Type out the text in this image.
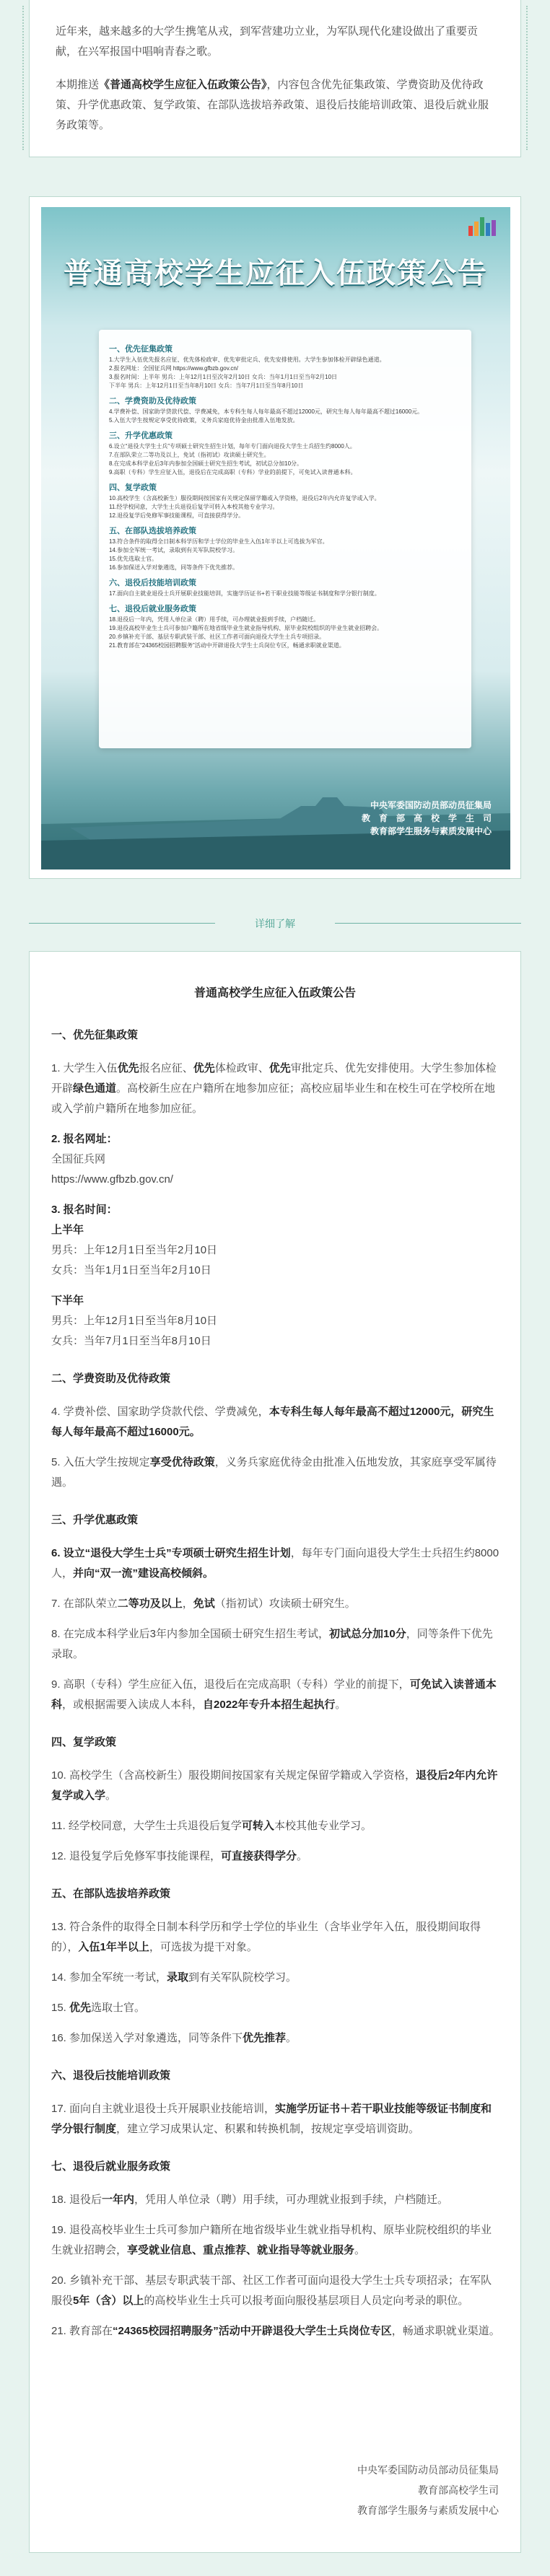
近年来，越来越多的大学生携笔从戎，到军营建功立业，为军队现代化建设做出了重要贡献，在兴军报国中唱响青春之歌。

本期推送《普通高校学生应征入伍政策公告》，内容包含优先征集政策、学费资助及优待政策、升学优惠政策、复学政策、在部队选拔培养政策、退役后技能培训政策、退役后就业服务政策等。

普通高校学生应征入伍政策公告
一、优先征集政策

1.大学生入伍优先报名应征、优先体检政审、优先审批定兵、优先安排使用。大学生参加体检开辟绿色通道。

2.报名网址：全国征兵网 https://www.gfbzb.gov.cn/

3.报名时间：上半年 男兵：上年12月1日至次年2月10日 女兵：当年1月1日至当年2月10日

下半年 男兵：上年12月1日至当年8月10日 女兵：当年7月1日至当年8月10日

二、学费资助及优待政策

4.学费补偿、国家助学贷款代偿、学费减免，本专科生每人每年最高不超过12000元，研究生每人每年最高不超过16000元。

5.入伍大学生按规定享受优待政策，义务兵家庭优待金由批准入伍地发放。

三、升学优惠政策

6.设立“退役大学生士兵”专项硕士研究生招生计划，每年专门面向退役大学生士兵招生约8000人。

7.在部队荣立二等功及以上，免试（指初试）攻读硕士研究生。

8.在完成本科学业后3年内参加全国硕士研究生招生考试，初试总分加10分。

9.高职（专科）学生应征入伍，退役后在完成高职（专科）学业的前提下，可免试入读普通本科。

四、复学政策

10.高校学生（含高校新生）服役期间按国家有关规定保留学籍或入学资格，退役后2年内允许复学或入学。

11.经学校同意，大学生士兵退役后复学可转入本校其他专业学习。

12.退役复学后免修军事技能课程，可直接获得学分。

五、在部队选拔培养政策

13.符合条件的取得全日制本科学历和学士学位的毕业生入伍1年半以上可选拔为军官。

14.参加全军统一考试，录取到有关军队院校学习。

15.优先选取士官。

16.参加保送入学对象遴选，同等条件下优先推荐。

六、退役后技能培训政策

17.面向自主就业退役士兵开展职业技能培训，实施学历证书+若干职业技能等级证书制度和学分银行制度。

七、退役后就业服务政策

18.退役后一年内，凭用人单位录（聘）用手续，可办理就业报到手续，户档随迁。

19.退役高校毕业生士兵可参加户籍所在地省级毕业生就业指导机构、原毕业院校组织的毕业生就业招聘会。

20.乡镇补充干部、基层专职武装干部、社区工作者可面向退役大学生士兵专项招录。

21.教育部在“24365校园招聘服务”活动中开辟退役大学生士兵岗位专区，畅通求职就业渠道。

中央军委国防动员部动员征集局
教　育　部　高　校　学　生　司
教育部学生服务与素质发展中心
详细了解
普通高校学生应征入伍政策公告

一、优先征集政策

1. 大学生入伍优先报名应征、优先体检政审、优先审批定兵、优先安排使用。大学生参加体检开辟绿色通道。高校新生应在户籍所在地参加应征；高校应届毕业生和在校生可在学校所在地或入学前户籍所在地参加应征。

2. 报名网址：

全国征兵网

https://www.gfbzb.gov.cn/

3. 报名时间：

上半年

男兵：上年12月1日至当年2月10日

女兵：当年1月1日至当年2月10日

下半年

男兵：上年12月1日至当年8月10日

女兵：当年7月1日至当年8月10日

二、学费资助及优待政策

4. 学费补偿、国家助学贷款代偿、学费减免，本专科生每人每年最高不超过12000元，研究生每人每年最高不超过16000元。

5. 入伍大学生按规定享受优待政策，义务兵家庭优待金由批准入伍地发放，其家庭享受军属待遇。

三、升学优惠政策

6. 设立“退役大学生士兵”专项硕士研究生招生计划，每年专门面向退役大学生士兵招生约8000人，并向“双一流”建设高校倾斜。

7. 在部队荣立二等功及以上，免试（指初试）攻读硕士研究生。

8. 在完成本科学业后3年内参加全国硕士研究生招生考试，初试总分加10分，同等条件下优先录取。

9. 高职（专科）学生应征入伍，退役后在完成高职（专科）学业的前提下，可免试入读普通本科，或根据需要入读成人本科，自2022年专升本招生起执行。

四、复学政策

10. 高校学生（含高校新生）服役期间按国家有关规定保留学籍或入学资格，退役后2年内允许复学或入学。

11. 经学校同意，大学生士兵退役后复学可转入本校其他专业学习。

12. 退役复学后免修军事技能课程，可直接获得学分。

五、在部队选拔培养政策

13. 符合条件的取得全日制本科学历和学士学位的毕业生（含毕业学年入伍，服役期间取得的），入伍1年半以上，可选拔为提干对象。

14. 参加全军统一考试，录取到有关军队院校学习。

15. 优先选取士官。

16. 参加保送入学对象遴选，同等条件下优先推荐。

六、退役后技能培训政策

17. 面向自主就业退役士兵开展职业技能培训，实施学历证书＋若干职业技能等级证书制度和学分银行制度，建立学习成果认定、积累和转换机制，按规定享受培训资助。

七、退役后就业服务政策

18. 退役后一年内，凭用人单位录（聘）用手续，可办理就业报到手续，户档随迁。

19. 退役高校毕业生士兵可参加户籍所在地省级毕业生就业指导机构、原毕业院校组织的毕业生就业招聘会，享受就业信息、重点推荐、就业指导等就业服务。

20. 乡镇补充干部、基层专职武装干部、社区工作者可面向退役大学生士兵专项招录；在军队服役5年（含）以上的高校毕业生士兵可以报考面向服役基层项目人员定向考录的职位。

21. 教育部在“24365校园招聘服务”活动中开辟退役大学生士兵岗位专区，畅通求职就业渠道。

中央军委国防动员部动员征集局
教育部高校学生司
教育部学生服务与素质发展中心
